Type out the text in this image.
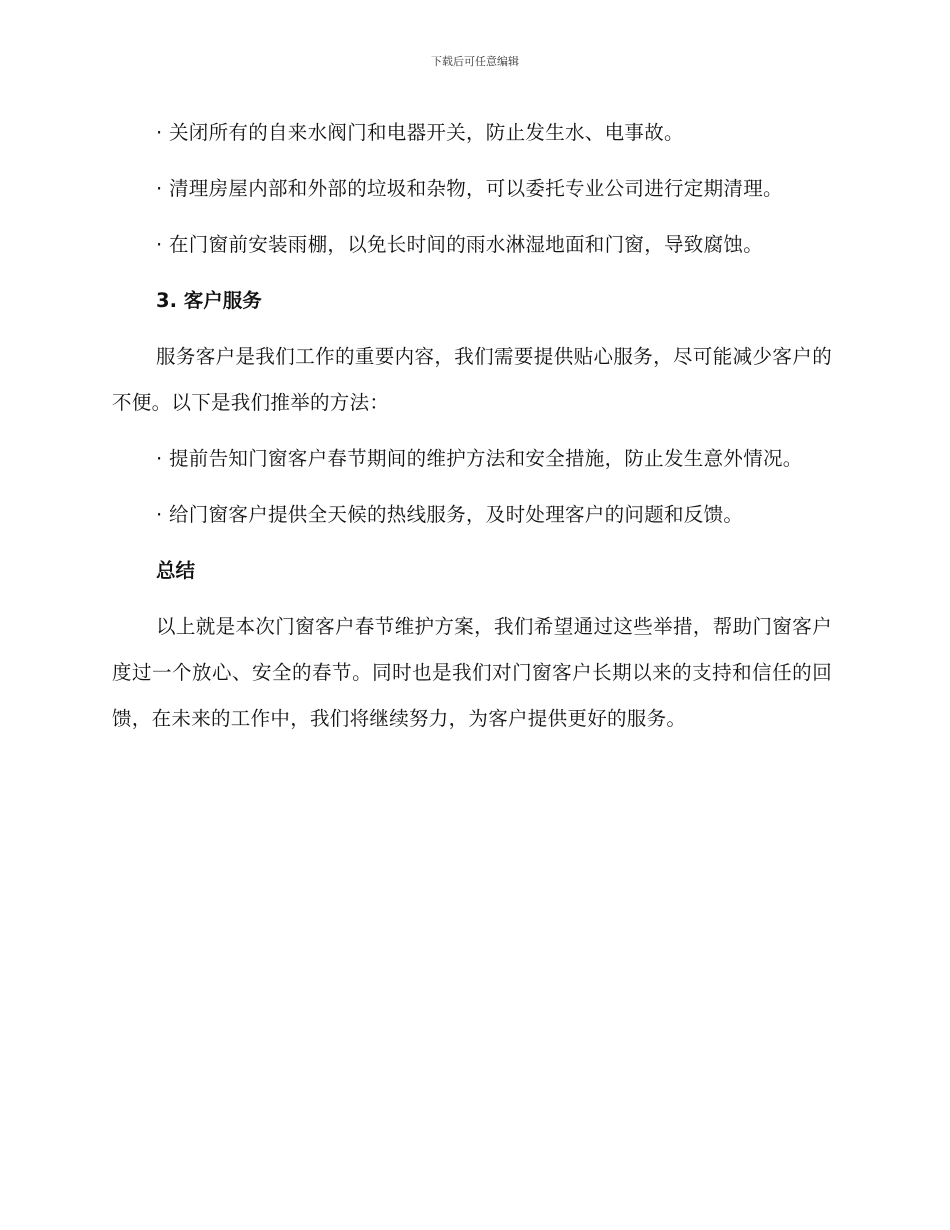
下载后可任意编辑

· 关闭所有的自来水阀门和电器开关，防止发生水、电事故。

· 清理房屋内部和外部的垃圾和杂物，可以委托专业公司进行定期清理。

· 在门窗前安装雨棚，以免长时间的雨水淋湿地面和门窗，导致腐蚀。

3. 客户服务

服务客户是我们工作的重要内容，我们需要提供贴心服务，尽可能减少客户的不便。以下是我们推举的方法：

· 提前告知门窗客户春节期间的维护方法和安全措施，防止发生意外情况。

· 给门窗客户提供全天候的热线服务，及时处理客户的问题和反馈。

总结

以上就是本次门窗客户春节维护方案，我们希望通过这些举措，帮助门窗客户度过一个放心、安全的春节。同时也是我们对门窗客户长期以来的支持和信任的回馈，在未来的工作中，我们将继续努力，为客户提供更好的服务。
